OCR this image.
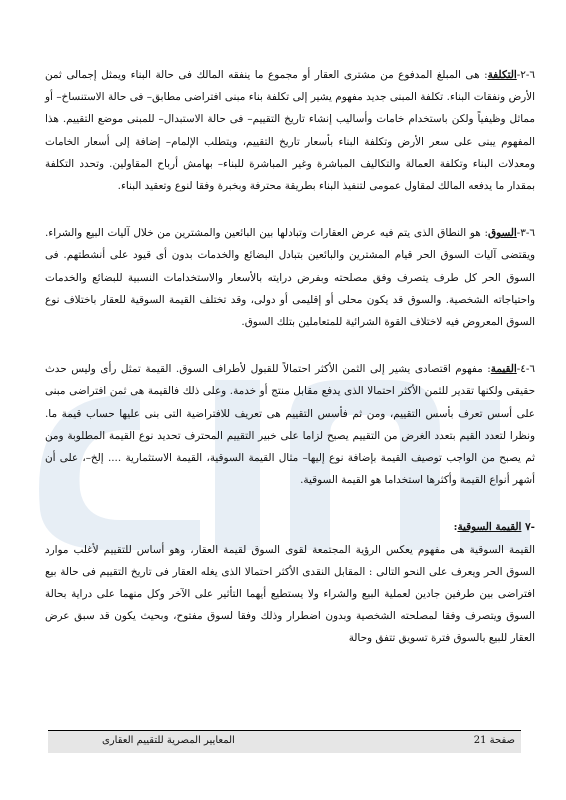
٦-٢-التكلفة: هى المبلغ المدفوع من مشترى العقار أو مجموع ما ينفقه المالك فى حالة البناء ويمثل إجمالى ثمن الأرض ونفقات البناء. تكلفة المبنى جديد مفهوم يشير إلى تكلفة بناء مبنى افتراضى مطابق– فى حالة الاستنساخ– أو مماثل وظيفياً ولكن باستخدام خامات وأساليب إنشاء تاريخ التقييم– فى حالة الاستبدال– للمبنى موضع التقييم. هذا المفهوم يبنى على سعر الأرض وتكلفة البناء بأسعار تاريخ التقييم، ويتطلب الإلمام– إضافة إلى أسعار الخامات ومعدلات البناء وتكلفة العمالة والتكاليف المباشرة وغير المباشرة للبناء– بهامش أرباح المقاولين. وتحدد التكلفة بمقدار ما يدفعه المالك لمقاول عمومى لتنفيذ البناء بطريقة محترفة وبخبرة وفقا لنوع وتعقيد البناء.

٦-٣-السوق: هو النطاق الذى يتم فيه عرض العقارات وتبادلها بين البائعين والمشترين من خلال آليات البيع والشراء. ويقتضى آليات السوق الحر قيام المشترين والبائعين بتبادل البضائع والخدمات بدون أى قيود على أنشطتهم. فى السوق الحر كل طرف يتصرف وفق مصلحته وبفرض درايته بالأسعار والاستخدامات النسبية للبضائع والخدمات واحتياجاته الشخصية. والسوق قد يكون محلى أو إقليمى أو دولى، وقد تختلف القيمة السوقية للعقار باختلاف نوع السوق المعروض فيه لاختلاف القوة الشرائية للمتعاملين بتلك السوق.

٦-٤-القيمة: مفهوم اقتصادى يشير إلى الثمن الأكثر احتمالاً للقبول لأطراف السوق. القيمة تمثل رأى وليس حدث حقيقى ولكنها تقدير للثمن الأكثر احتمالا الذى يدفع مقابل منتج أو خدمة. وعلى ذلك فالقيمة هى ثمن افتراضى مبنى على أسس تعرف بأسس التقييم، ومن ثم فأسس التقييم هى تعريف للافتراضية التى بنى عليها حساب قيمة ما. ونظرا لتعدد القيم بتعدد الغرض من التقييم يصبح لزاما على خبير التقييم المحترف تحديد نوع القيمة المطلوبة ومن ثم يصبح من الواجب توصيف القيمة بإضافة نوع إليها– مثال القيمة السوقية، القيمة الاستثمارية .... إلخ–، على أن أشهر أنواع القيمة وأكثرها استخداما هو القيمة السوقية.

٧- القيمة السوقية:

القيمة السوقية هى مفهوم يعكس الرؤية المجتمعة لقوى السوق لقيمة العقار، وهو أساس للتقييم لأغلب موارد السوق الحر ويعرف على النحو التالى : المقابل النقدى الأكثر احتمالا الذى يغله العقار فى تاريخ التقييم فى حالة بيع افتراضى بين طرفين جادين لعملية البيع والشراء ولا يستطيع أيهما التأثير على الآخر وكل منهما على دراية بحالة السوق ويتصرف وفقا لمصلحته الشخصية وبدون اضطرار وذلك وفقا لسوق مفتوح، وبحيث يكون قد سبق عرض العقار للبيع بالسوق فترة تسويق تتفق وحالة

صفحة 21
المعايير المصرية للتقييم العقارى
